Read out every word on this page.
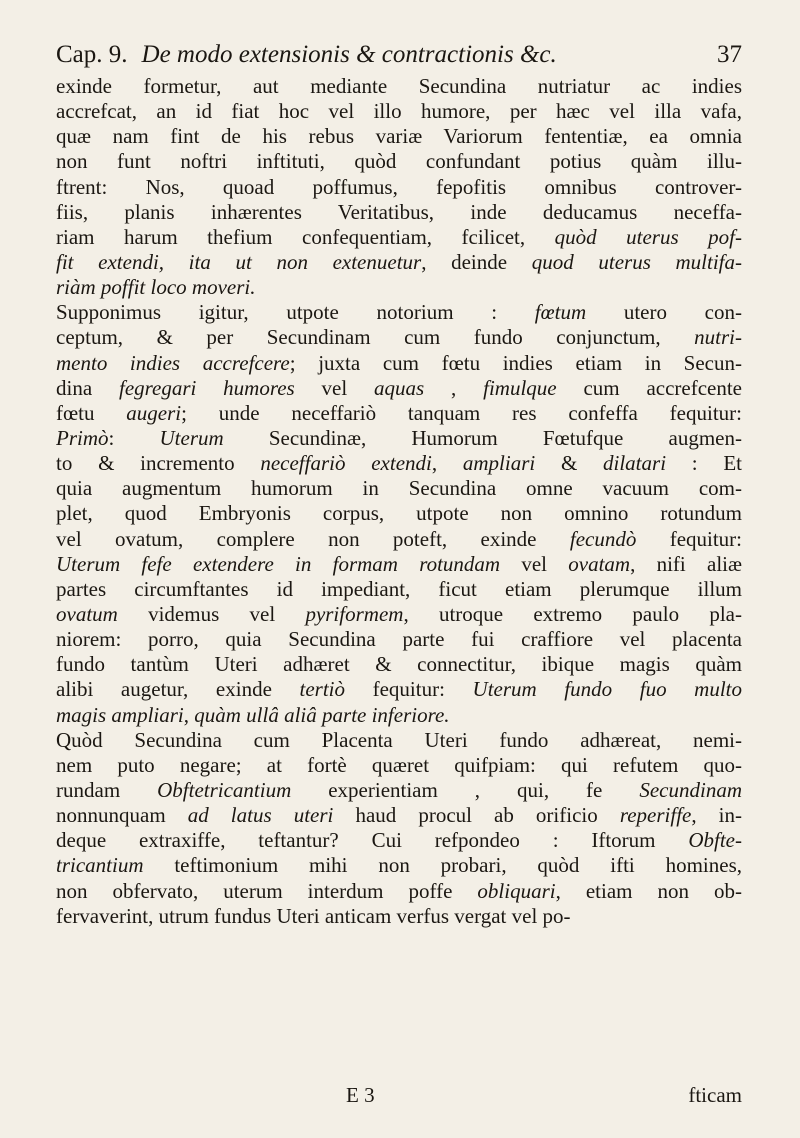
Cap. 9. De modo extensionis & contractionis &c.	37
exinde formetur, aut mediante Secundina nutriatur ac indies
accrefcat, an id fiat hoc vel illo humore, per hæc vel illa vafa,
quæ nam fint de his rebus variæ Variorum fententiæ, ea omnia
non funt noftri inftituti, quòd confundant potius quàm illu-
ftrent: Nos, quoad poffumus, fepofitis omnibus controver-
fiis, planis inhærentes Veritatibus, inde deducamus neceffa-
riam harum thefium confequentiam, fcilicet, quòd uterus pof-
fit extendi, ita ut non extenuetur, deinde quod uterus multifa-
riàm poffit loco moveri.
Supponimus igitur, utpote notorium : fœtum utero con-
ceptum, & per Secundinam cum fundo conjunctum, nutri-
mento indies accrefcere; juxta cum fœtu indies etiam in Secun-
dina fegregari humores vel aquas , fimulque cum accrefcente
fœtu augeri; unde neceffariò tanquam res confeffa fequitur:
Primò: Uterum Secundinæ, Humorum Fœtufque augmen-
to & incremento neceffariò extendi, ampliari & dilatari : Et
quia augmentum humorum in Secundina omne vacuum com-
plet, quod Embryonis corpus, utpote non omnino rotundum
vel ovatum, complere non poteft, exinde fecundò fequitur:
Uterum fefe extendere in formam rotundam vel ovatam, nifi aliæ
partes circumftantes id impediant, ficut etiam plerumque illum
ovatum videmus vel pyriformem, utroque extremo paulo pla-
niorem: porro, quia Secundina parte fui craffiore vel placenta
fundo tantùm Uteri adhæret & connectitur, ibique magis quàm
alibi augetur, exinde tertiò fequitur: Uterum fundo fuo multo
magis ampliari, quàm ullâ aliâ parte inferiore.
Quòd Secundina cum Placenta Uteri fundo adhæreat, nemi-
nem puto negare; at fortè quæret quifpiam: qui refutem quo-
rundam Obftetricantium experientiam , qui, fe Secundinam
nonnunquam ad latus uteri haud procul ab orificio reperiffe, in-
deque extraxiffe, teftantur? Cui refpondeo : Iftorum Obfte-
tricantium teftimonium mihi non probari, quòd ifti homines,
non obfervato, uterum interdum poffe obliquari, etiam non ob-
fervaverint, utrum fundus Uteri anticam verfus vergat vel po-
E 3	fticam
